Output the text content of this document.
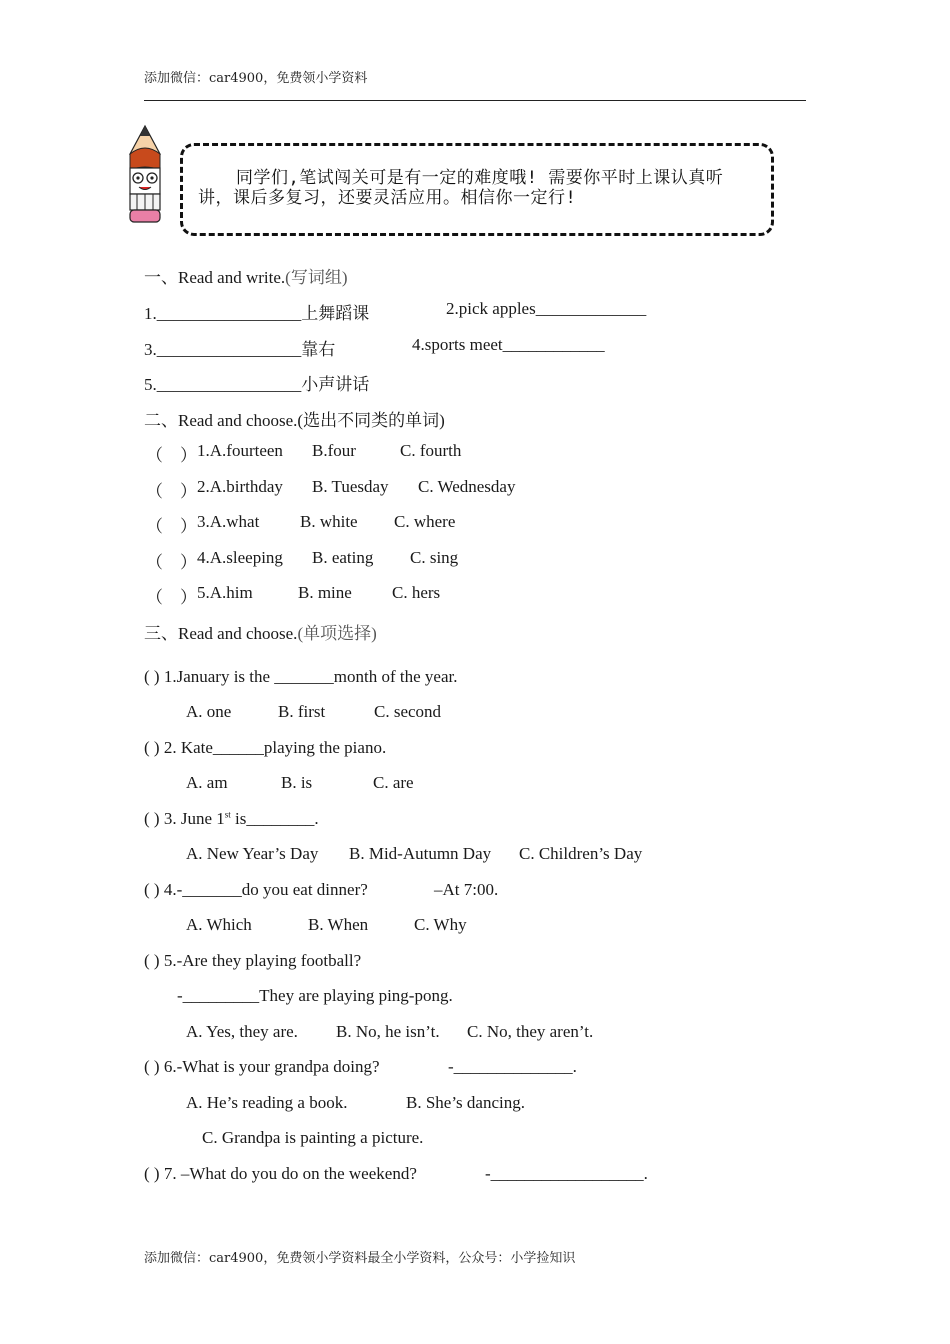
添加微信：car4900，免费领小学资料
同学们,笔试闯关可是有一定的难度哦! 需要你平时上课认真听讲，课后多复习，还要灵活应用。相信你一定行!
一、Read and write.(写词组)
1._________________上舞蹈课	2.pick apples_____________
3._________________靠右	4.sports meet____________
5._________________小声讲话
二、Read and choose.(选出不同类的单词)
（　） 1.A.fourteen B.four	C. fourth
（　） 2.A.birthday B. Tuesday C. Wednesday
（　） 3.A.what B. white C. where
（　） 4.A.sleeping B. eating C. sing
（　） 5.A.him	B. mine C. hers
三、Read and choose.(单项选择)
( ) 1.January is the _______month of the year.
A. one	B. first	C. second
( ) 2. Kate______playing the piano.
A. am	B. is	C. are
( ) 3. June 1st is________.
A. New Year’s Day B. Mid-Autumn Day C. Children’s Day
( ) 4.-_______do you eat dinner?	–At 7:00.
A. Which	B. When	C. Why
( ) 5.-Are they playing football?
-_________They are playing ping-pong.
A. Yes, they are. B. No, he isn’t. C. No, they aren’t.
( ) 6.-What is your grandpa doing?	-______________.
A. He’s reading a book.	B. She’s dancing.
C. Grandpa is painting a picture.
( ) 7. –What do you do on the weekend?	-__________________.
添加微信：car4900，免费领小学资料最全小学资料，公众号：小学捡知识
